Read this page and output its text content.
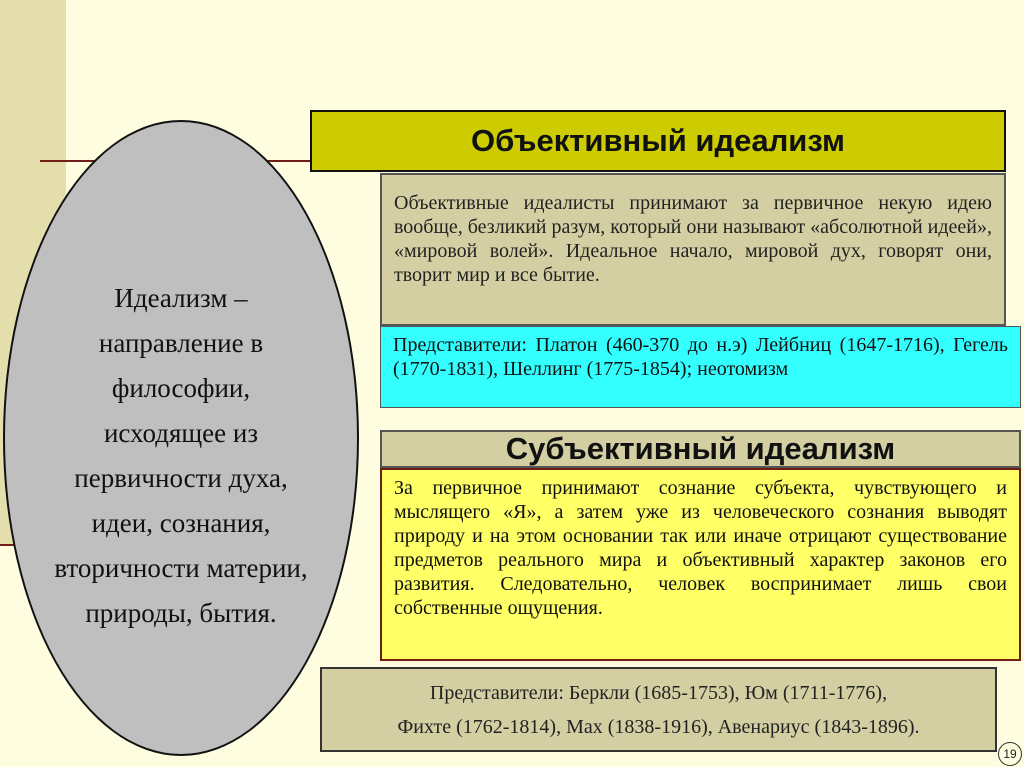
Объективный идеализм
Объективные идеалисты принимают за первичное некую идею вообще, безликий разум, который они называют «абсолютной идеей», «мировой волей». Идеальное начало, мировой дух, говорят они, творит мир и все бытие.
Представители: Платон (460-370 до н.э) Лейбниц (1647-1716), Гегель (1770-1831), Шеллинг (1775-1854); неотомизм
Субъективный идеализм
За первичное принимают сознание субъекта, чувствующего и мыслящего «Я», а затем уже из человеческого сознания выводят природу и на этом основании так или иначе отрицают существование предметов реального мира и объективный характер законов его развития. Следовательно, человек воспринимает лишь свои собственные ощущения.
Представители: Беркли (1685-1753), Юм (1711-1776),
Фихте (1762-1814), Мах (1838-1916), Авенариус (1843-1896).
Идеализм – направление в философии, исходящее из первичности духа, идеи, сознания, вторичности материи, природы, бытия.
19
